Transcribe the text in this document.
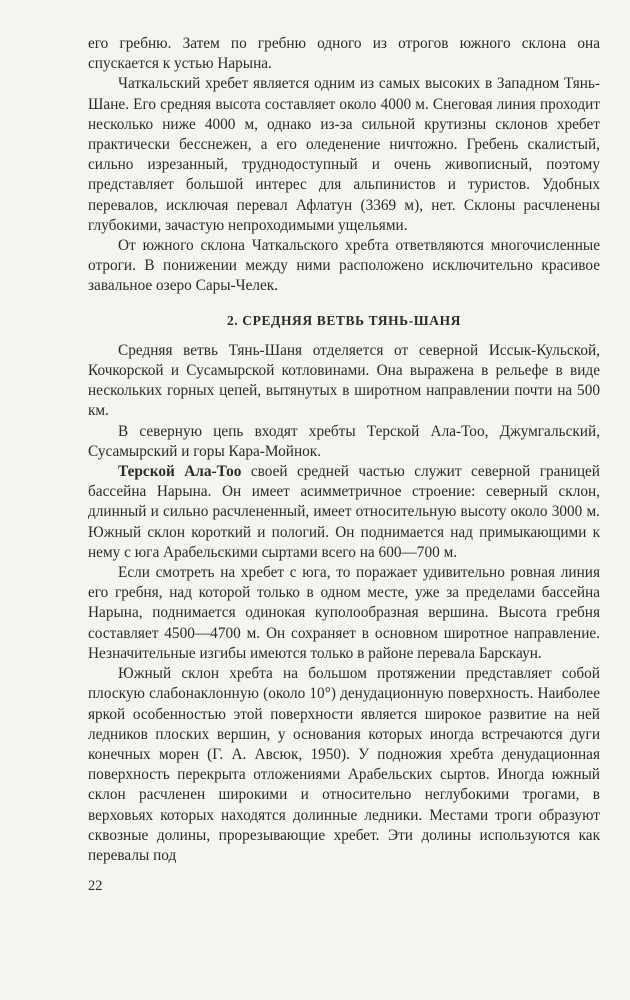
его гребню. Затем по гребню одного из отрогов южного склона она спускается к устью Нарына.

Чаткальский хребет является одним из самых высоких в Западном Тянь-Шане. Его средняя высота составляет около 4000 м. Снеговая линия проходит несколько ниже 4000 м, однако из-за сильной крутизны склонов хребет практически бесснежен, а его оледенение ничтожно. Гребень скалистый, сильно изрезанный, труднодоступный и очень живописный, поэтому представляет большой интерес для альпинистов и туристов. Удобных перевалов, исключая перевал Афлатун (3369 м), нет. Склоны расчленены глубокими, зачастую непроходимыми ущельями.

От южного склона Чаткальского хребта ответвляются многочисленные отроги. В понижении между ними расположено исключительно красивое завальное озеро Сары-Челек.

2. СРЕДНЯЯ ВЕТВЬ ТЯНЬ-ШАНЯ

Средняя ветвь Тянь-Шаня отделяется от северной Иссык-Кульской, Кочкорской и Сусамырской котловинами. Она выражена в рельефе в виде нескольких горных цепей, вытянутых в широтном направлении почти на 500 км.

В северную цепь входят хребты Терской Ала-Тоо, Джумгальский, Сусамырский и горы Кара-Мойнок.

Терской Ала-Тоо своей средней частью служит северной границей бассейна Нарына. Он имеет асимметричное строение: северный склон, длинный и сильно расчлененный, имеет относительную высоту около 3000 м. Южный склон короткий и пологий. Он поднимается над примыкающими к нему с юга Арабельскими сыртами всего на 600—700 м.

Если смотреть на хребет с юга, то поражает удивительно ровная линия его гребня, над которой только в одном месте, уже за пределами бассейна Нарына, поднимается одинокая куполообразная вершина. Высота гребня составляет 4500—4700 м. Он сохраняет в основном широтное направление. Незначительные изгибы имеются только в районе перевала Барскаун.

Южный склон хребта на большом протяжении представляет собой плоскую слабонаклонную (около 10°) денудационную поверхность. Наиболее яркой особенностью этой поверхности является широкое развитие на ней ледников плоских вершин, у основания которых иногда встречаются дуги конечных морен (Г. А. Авсюк, 1950). У подножия хребта денудационная поверхность перекрыта отложениями Арабельских сыртов. Иногда южный склон расчленен широкими и относительно неглубокими трогами, в верховьях которых находятся долинные ледники. Местами троги образуют сквозные долины, прорезывающие хребет. Эти долины используются как перевалы под

22
